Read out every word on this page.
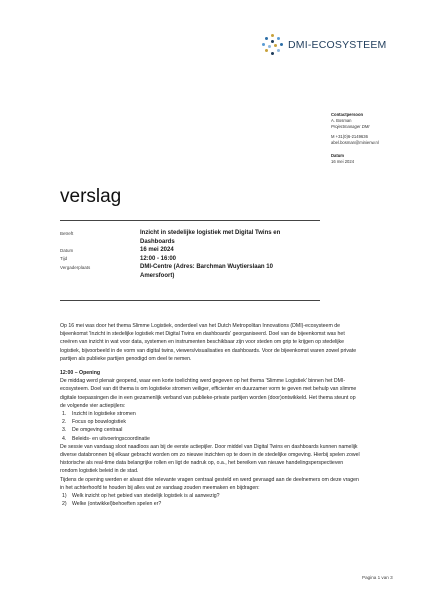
DMI-ECOSYSTEEM
Contactpersoon
A. Bosman
Projectmanager DMI
M +31(0)6-2149636
abel.bosman@minienw.nl
Datum
16 mei 2024
verslag
Betreft	Inzicht in stedelijke logistiek met Digital Twins en Dashboards
Datum	16 mei 2024
Tijd	12:00 - 16:00
Vergaderplaats	DMI-Centre (Adres: Barchman Wuytierslaan 10 Amersfoort)

Op 16 mei was door het thema Slimme Logistiek, onderdeel van het Dutch Metropolitan Innovations (DMI)-ecosysteem de bijeenkomst 'Inzicht in stedelijke logistiek met Digital Twins en dashboards' georganiseerd. Doel van de bijeenkomst was het creëren van inzicht in wat voor data, systemen en instrumenten beschikbaar zijn voor steden om grip te krijgen op stedelijke logistiek, bijvoorbeeld in de vorm van digital twins, viewers/visualisaties en dashboards. Voor de bijeenkomst waren zowel private partijen als publieke partijen genodigd om deel te nemen.

12:00 – Opening

De middag werd plenair geopend, waar een korte toelichting werd gegeven op het thema 'Slimme Logistiek' binnen het DMI-ecosysteem. Doel van dit thema is om logistieke stromen veiliger, efficienter en duurzamer vorm te geven met behulp van slimme digitale toepassingen die in een gezamenlijk verband van publieke-private partijen worden (door)ontwikkeld. Het thema steunt op de volgende vier actiepijlers:

1.	Inzicht in logistieke stromen
2.	Focus op bouwlogistiek
3.	De omgeving centraal
4.	Beleids- en uitvoeringscoordinatie

De sessie van vandaag sloot naadloos aan bij de eerste actiepijler. Door middel van Digital Twins en dashboards kunnen namelijk diverse databronnen bij elkaar gebracht worden om zo nieuwe inzichten op te doen in de stedelijke omgeving. Hierbij spelen zowel historische als real-time data belangrijke rollen en ligt de nadruk op, o.a., het bereiken van nieuwe handelingsperspectieven rondom logistiek beleid in de stad.

Tijdens de opening werden er alvast drie relevante vragen centraal gesteld en werd gevraagd aan de deelnemers om deze vragen in het achterhoofd te houden bij alles wat ze vandaag zouden meemaken en bijdragen:

1)	Welk inzicht op het gebied van stedelijk logistiek is al aanwezig?
2)	Welke (ontwikkel)behoeften spelen er?
Pagina 1 van 3
